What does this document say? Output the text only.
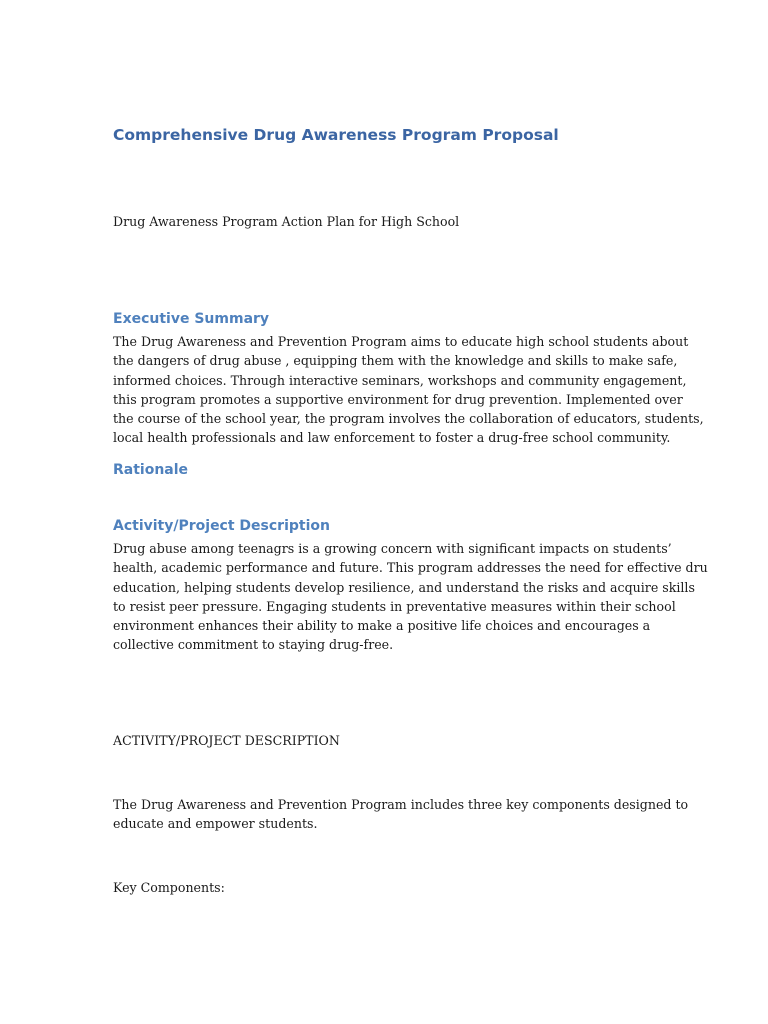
Comprehensive Drug Awareness Program Proposal

Drug Awareness Program Action Plan for High School

Executive Summary
The Drug Awareness and Prevention Program aims to educate high school students about
the dangers of drug abuse , equipping them with the knowledge and skills to make safe,
informed choices. Through interactive seminars, workshops and community engagement,
this program promotes a supportive environment for drug prevention. Implemented over
the course of the school year, the program involves the collaboration of educators, students,
local health professionals and law enforcement to foster a drug-free school community.
Rationale
Activity/Project Description
Drug abuse among teenagrs is a growing concern with significant impacts on students’
health, academic performance and future. This program addresses the need for effective dru
education, helping students develop resilience, and understand the risks and acquire skills
to resist peer pressure. Engaging students in preventative measures within their school
environment enhances their ability to make a positive life choices and encourages a
collective commitment to staying drug-free.

ACTIVITY/PROJECT DESCRIPTION

The Drug Awareness and Prevention Program includes three key components designed to
educate and empower students.

Key Components:
